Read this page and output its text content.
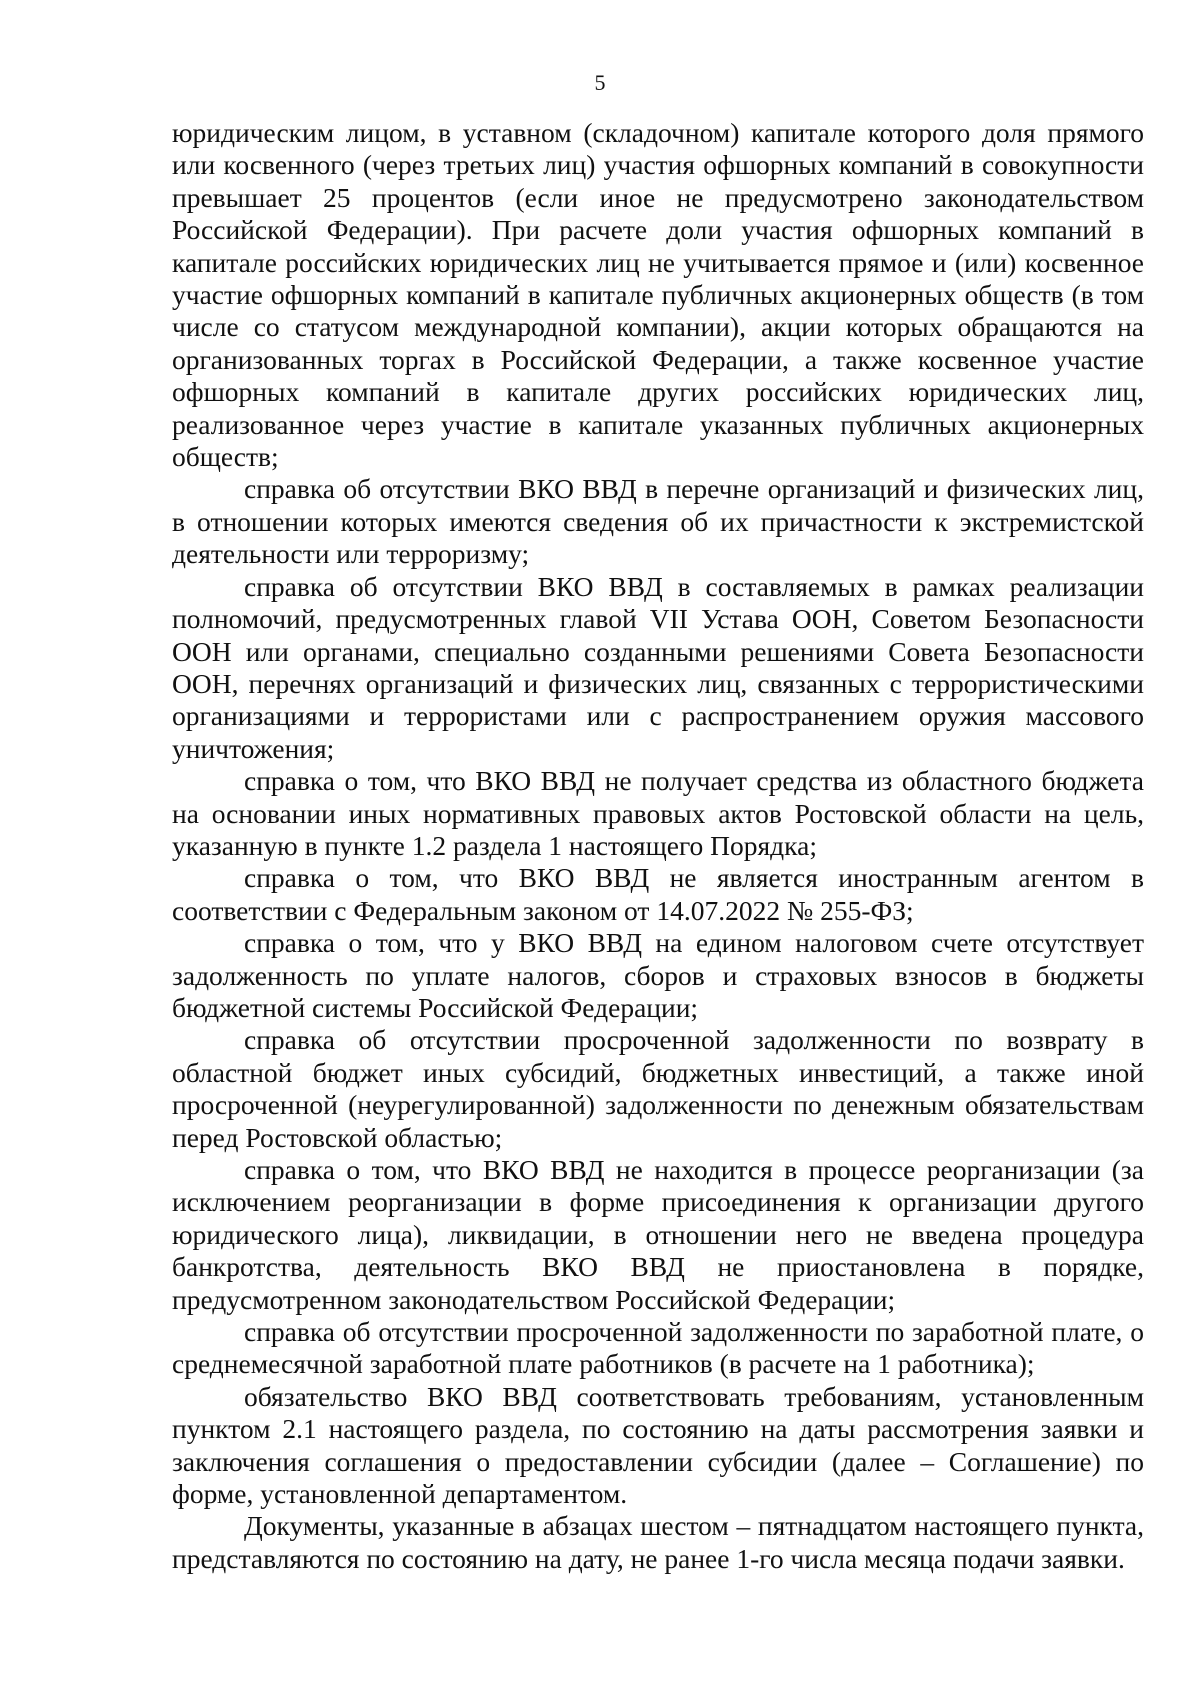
5

юридическим лицом, в уставном (складочном) капитале которого доля прямого или косвенного (через третьих лиц) участия офшорных компаний в совокупности превышает 25 процентов (если иное не предусмотрено законодательством Российской Федерации). При расчете доли участия офшорных компаний в капитале российских юридических лиц не учитывается прямое и (или) косвенное участие офшорных компаний в капитале публичных акционерных обществ (в том числе со статусом международной компании), акции которых обращаются на организованных торгах в Российской Федерации, а также косвенное участие офшорных компаний в капитале других российских юридических лиц, реализованное через участие в капитале указанных публичных акционерных обществ;

справка об отсутствии ВКО ВВД в перечне организаций и физических лиц, в отношении которых имеются сведения об их причастности к экстремистской деятельности или терроризму;

справка об отсутствии ВКО ВВД в составляемых в рамках реализации полномочий, предусмотренных главой VII Устава ООН, Советом Безопасности ООН или органами, специально созданными решениями Совета Безопасности ООН, перечнях организаций и физических лиц, связанных с террористическими организациями и террористами или с распространением оружия массового уничтожения;

справка о том, что ВКО ВВД не получает средства из областного бюджета на основании иных нормативных правовых актов Ростовской области на цель, указанную в пункте 1.2 раздела 1 настоящего Порядка;

справка о том, что ВКО ВВД не является иностранным агентом в соответствии с Федеральным законом от 14.07.2022 № 255-ФЗ;

справка о том, что у ВКО ВВД на едином налоговом счете отсутствует задолженность по уплате налогов, сборов и страховых взносов в бюджеты бюджетной системы Российской Федерации;

справка об отсутствии просроченной задолженности по возврату в областной бюджет иных субсидий, бюджетных инвестиций, а также иной просроченной (неурегулированной) задолженности по денежным обязательствам перед Ростовской областью;

справка о том, что ВКО ВВД не находится в процессе реорганизации (за исключением реорганизации в форме присоединения к организации другого юридического лица), ликвидации, в отношении него не введена процедура банкротства, деятельность ВКО ВВД не приостановлена в порядке, предусмотренном законодательством Российской Федерации;

справка об отсутствии просроченной задолженности по заработной плате, о среднемесячной заработной плате работников (в расчете на 1 работника);

обязательство ВКО ВВД соответствовать требованиям, установленным пунктом 2.1 настоящего раздела, по состоянию на даты рассмотрения заявки и заключения соглашения о предоставлении субсидии (далее – Соглашение) по форме, установленной департаментом.

Документы, указанные в абзацах шестом – пятнадцатом настоящего пункта, представляются по состоянию на дату, не ранее 1-го числа месяца подачи заявки.
